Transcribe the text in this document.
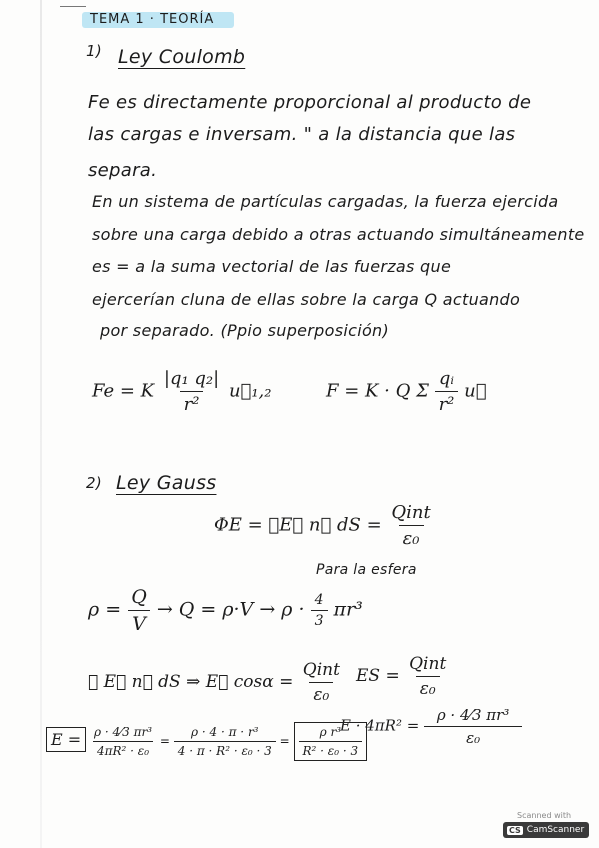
TEMA 1 · TEORÍA
1) Ley Coulomb
Fe es directamente proporcional al producto de
las cargas e inversam. " a la distancia que las
separa.
En un sistema de partículas cargadas, la fuerza ejercida
sobre una carga debido a otras actuando simultáneamente
es = a la suma vectorial de las fuerzas que
ejercerían cluna de ellas sobre la carga Q actuando
por separado. (Ppio superposición)
Fe = K $\frac{\text{|q₁ q₂|}}{\text{r²}}$ u⃗₁,₂	F = K · Q Σ $\frac{\text{qᵢ}}{\text{r²}}$ u⃗
2) Ley Gauss
ΦE = ∮E⃗ n⃗ dS = $\frac{\text{Qint}}{\text{ε₀}}$
Para la esfera
$\rho = \frac{Q}{V} \to Q = \rho\cdot V \to \rho \cdot \frac{4}{3} \pi r^3$
∮ E⃗ n⃗ dS ⇒ E∮ $\cos\alpha = \frac{\text{Qint}}{\text{ε₀}}$ ES = $\frac{\text{Qint}}{\text{ε₀}}$
$E \cdot 4\pi R^2 = \frac{\text{ρ · 4⁄3 πr³}}{\text{ε₀}}$
$E = \frac{\text{ρ · 4⁄3 πr³}}{\text{4πR² · ε₀}} = \frac{\text{ρ · 4 · π · r³}}{\text{4 · π · R² · ε₀ · 3}} = \frac{\text{ρ r³}}{\text{R² · ε₀ · 3}}$
Scanned with
CS CamScanner
